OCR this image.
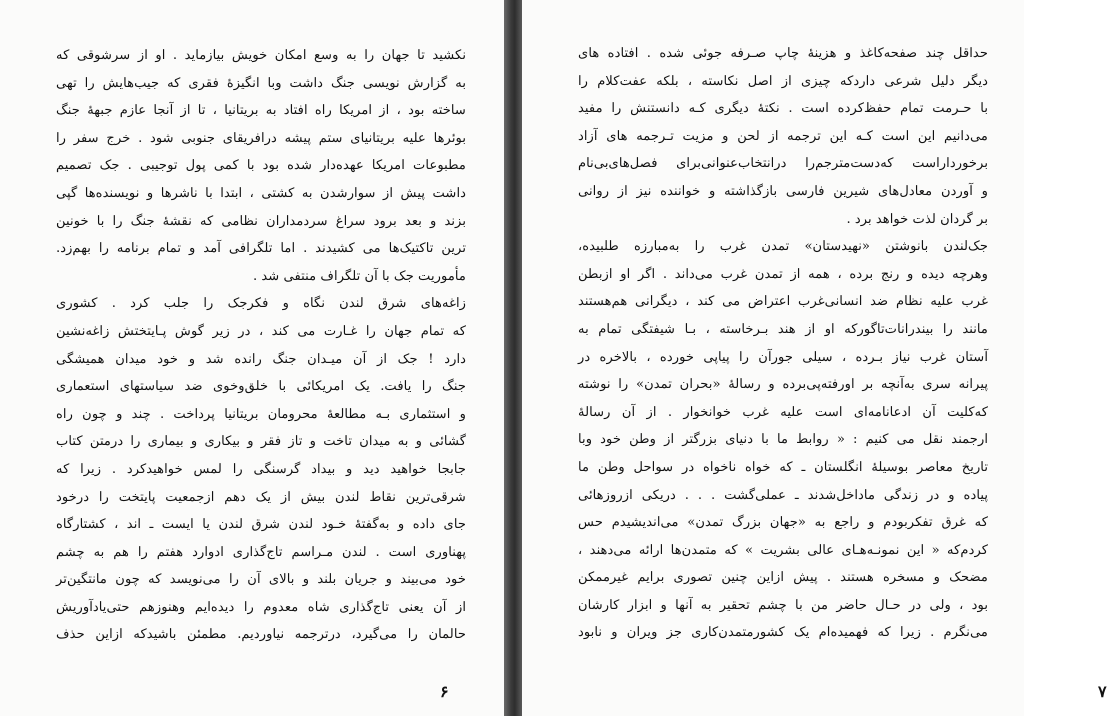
نکشید تا جهان را به وسع امکان خویش بیازماید . او از سرشوقی که
به گزارش نویسی جنگ داشت وبا انگیزهٔ فقری که جیب‌هایش را تهی
ساخته بود ، از امریکا راه افتاد به بریتانیا ، تا از آنجا عازم جبههٔ جنگ
بوئرها علیه بریتانیای ستم پیشه درافریقای جنوبی شود . خرج سفر را
مطبوعات امریکا عهده‌دار شده بود با کمی پول توجیبی . جک تصمیم
داشت پیش از سوارشدن به کشتی ، ابتدا با ناشرها و نویسنده‌ها گپی
بزند و بعد برود سراغ سردمداران نظامی که نقشهٔ جنگ را با خونین
ترین تاکتیک‌ها می کشیدند . اما تلگرافی آمد و تمام برنامه را بهم‌زد.
مأموریت جک با آن تلگراف منتفی شد .
زاغه‌های شرق لندن نگاه و فکرجک را جلب کرد . کشوری
که تمام جهان را غـارت می کند ، در زیر گوش پـایتختش زاغه‌نشین
دارد ! جک از آن میـدان جنگ رانده شد و خود میدان همیشگی
جنگ را یافت. یک امریکائی با خلق‌وخوی ضد سیاستهای استعماری
و استثماری بـه مطالعهٔ محرومان بریتانیا پرداخت . چند و چون راه
گشائی و به میدان تاخت و تاز فقر و بیکاری و بیماری را درمتن کتاب
جابجا خواهید دید و بیداد گرسنگی را لمس خواهیدکرد . زیرا که
شرقی‌ترین نقاط لندن بیش از یک دهم ازجمعیت پایتخت را درخود
جای داده و به‌گفتهٔ خـود لندن شرق لندن یا ایست ـ اند ، کشتارگاه
پهناوری است . لندن مـراسم تاج‌گذاری ادوارد هفتم را هم به چشم
خود می‌بیند و جریان بلند و بالای آن را می‌نویسد که چون مانتگین‌تر
از آن یعنی تاج‌گذاری شاه معدوم را دیده‌ایم وهنوزهم حتی‌یادآوریش
حالمان را می‌گیرد، درترجمه نیاوردیم. مطمئن باشیدکه ازاین حذف
۶
حداقل چند صفحه‌کاغذ و هزینهٔ چاپ صـرفه جوئی شده . افتاده های
دیگر دلیل شرعی داردکه چیزی از اصل نکاسته ، بلکه عفت‌کلام را
با حـرمت تمام حفظ‌کرده است . نکتهٔ دیگری کـه دانستنش را مفید
می‌دانیم این است کـه این ترجمه از لحن و مزیت تـرجمه های آزاد
برخورداراست که‌دست‌مترجم‌را درانتخاب‌عنوانی‌برای فصل‌های‌بی‌نام
و آوردن معادل‌های شیرین فارسی بازگذاشته و خواننده نیز از روانی
بر گردان لذت خواهد برد .
جک‌لندن بانوشتن «نهیدستان» تمدن غرب را به‌مبارزه طلبیده،
وهرچه دیده و رنج برده ، همه از تمدن غرب می‌داند . اگر او ازبطن
غرب علیه نظام ضد انسانی‌غرب اعتراض می کند ، دیگرانی هم‌هستند
مانند را بیندرانات‌تاگورکه او از هند بـرخاسته ، بـا شیفتگی تمام به
آستان غرب نیاز بـرده ، سیلی جورآن را پیاپی خورده ، بالاخره در
پیرانه سری به‌آنچه بر اورفته‌پی‌برده و رسالهٔ «بحران تمدن» را نوشته
که‌کلیت آن ادعانامه‌ای است علیه غرب خوانخوار . از آن رسالهٔ
ارجمند نقل می کنیم : « روابط ما با دنیای بزرگتر از وطن خود وبا
تاریخ معاصر بوسیلهٔ انگلستان ـ که خواه ناخواه در سواحل وطن ما
پیاده و در زندگی ماداخل‌شدند ـ عملی‌گشت . . . دریکی ازروزهائی
که غرق تفکربودم و راجع به «جهان بزرگ تمدن» می‌اندیشیدم حس
کردم‌که « این نمونـه‌هـای عالی بشریت » که متمدن‌ها ارائه می‌دهند ،
مضحک و مسخره هستند . پیش ازاین چنین تصوری برایم غیرممکن
بود ، ولی در حـال حاضر من با چشم تحقیر به آنها و ابزار کارشان
می‌نگرم . زیرا که فهمیده‌ام یک کشورمتمدن‌کاری جز ویران و نابود
۷
